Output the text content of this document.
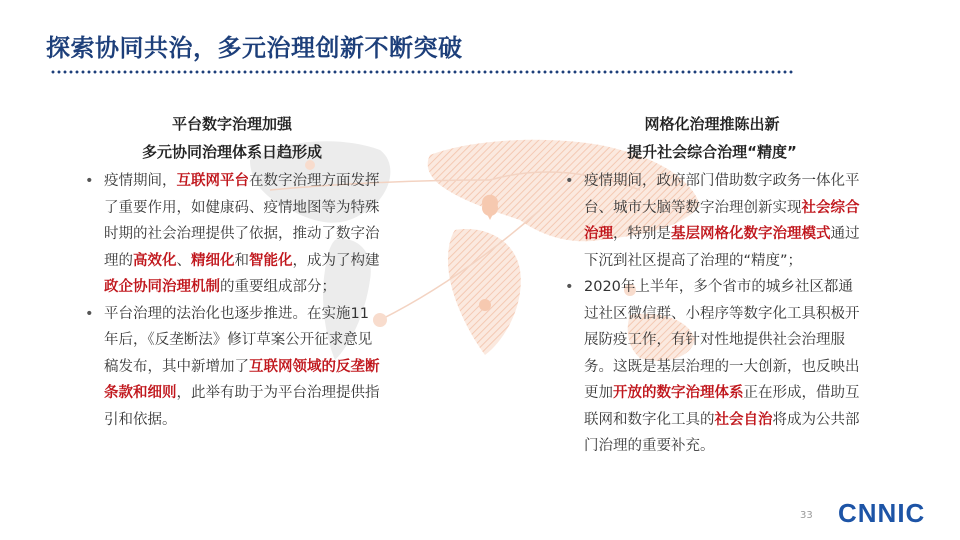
探索协同共治，多元治理创新不断突破
平台数字治理加强
多元协同治理体系日趋形成
• 疫情期间，互联网平台在数字治理方面发挥了重要作用，如健康码、疫情地图等为特殊时期的社会治理提供了依据，推动了数字治理的高效化、精细化和智能化，成为了构建政企协同治理机制的重要组成部分；
• 平台治理的法治化也逐步推进。在实施11年后，《反垄断法》修订草案公开征求意见稿发布，其中新增加了互联网领域的反垄断条款和细则，此举有助于为平台治理提供指引和依据。
网格化治理推陈出新
提升社会综合治理“精度”
• 疫情期间，政府部门借助数字政务一体化平台、城市大脑等数字治理创新实现社会综合治理，特别是基层网格化数字治理模式通过下沉到社区提高了治理的“精度”；
• 2020年上半年，多个省市的城乡社区都通过社区微信群、小程序等数字化工具积极开展防疫工作，有针对性地提供社会治理服务。这既是基层治理的一大创新，也反映出更加开放的数字治理体系正在形成，借助互联网和数字化工具的社会自治将成为公共部门治理的重要补充。
33 CNNIC
